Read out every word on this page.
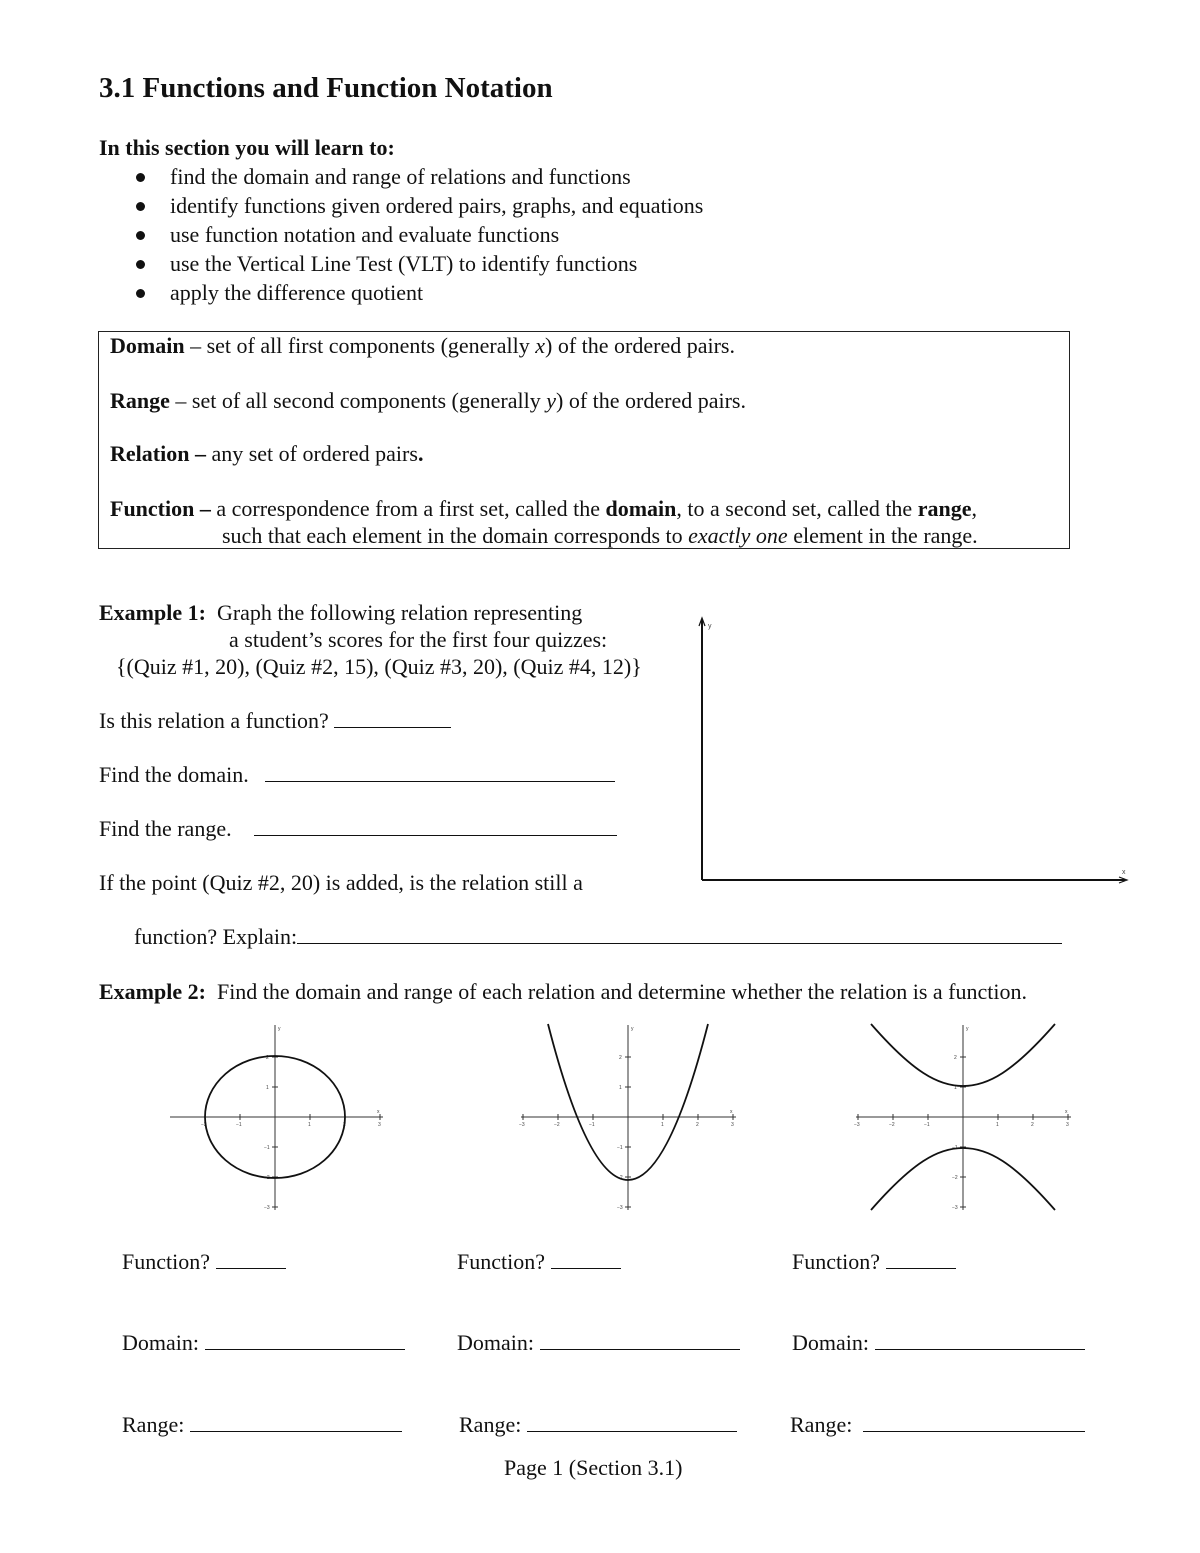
3.1 Functions and Function Notation
In this section you will learn to:
find the domain and range of relations and functions
identify functions given ordered pairs, graphs, and equations
use function notation and evaluate functions
use the Vertical Line Test (VLT) to identify functions
apply the difference quotient
Domain – set of all first components (generally x) of the ordered pairs.
Range – set of all second components (generally y) of the ordered pairs.
Relation – any set of ordered pairs.
Function – a correspondence from a first set, called the domain, to a second set, called the range,
such that each element in the domain corresponds to exactly one element in the range.
Example 1: Graph the following relation representing
a student’s scores for the first four quizzes:
{(Quiz #1, 20), (Quiz #2, 15), (Quiz #3, 20), (Quiz #4, 12)}
Is this relation a function?
Find the domain.
Find the range.
If the point (Quiz #2, 20) is added, is the relation still a
function? Explain:
y
x
Example 2: Find the domain and range of each relation and determine whether the relation is a function.
−2	−1	1	2	3
2
1
−1
−2
−3
y
x
−3	−2	−1	1	2	3
2
1
−1
−2
−3
y
x
−3	−2	−1	1	2	3
2
1
−1
−2
−3
y
x
Function?	Function?	Function?
Domain:	Domain:	Domain:
Range:	Range:	Range:
Page 1 (Section 3.1)
